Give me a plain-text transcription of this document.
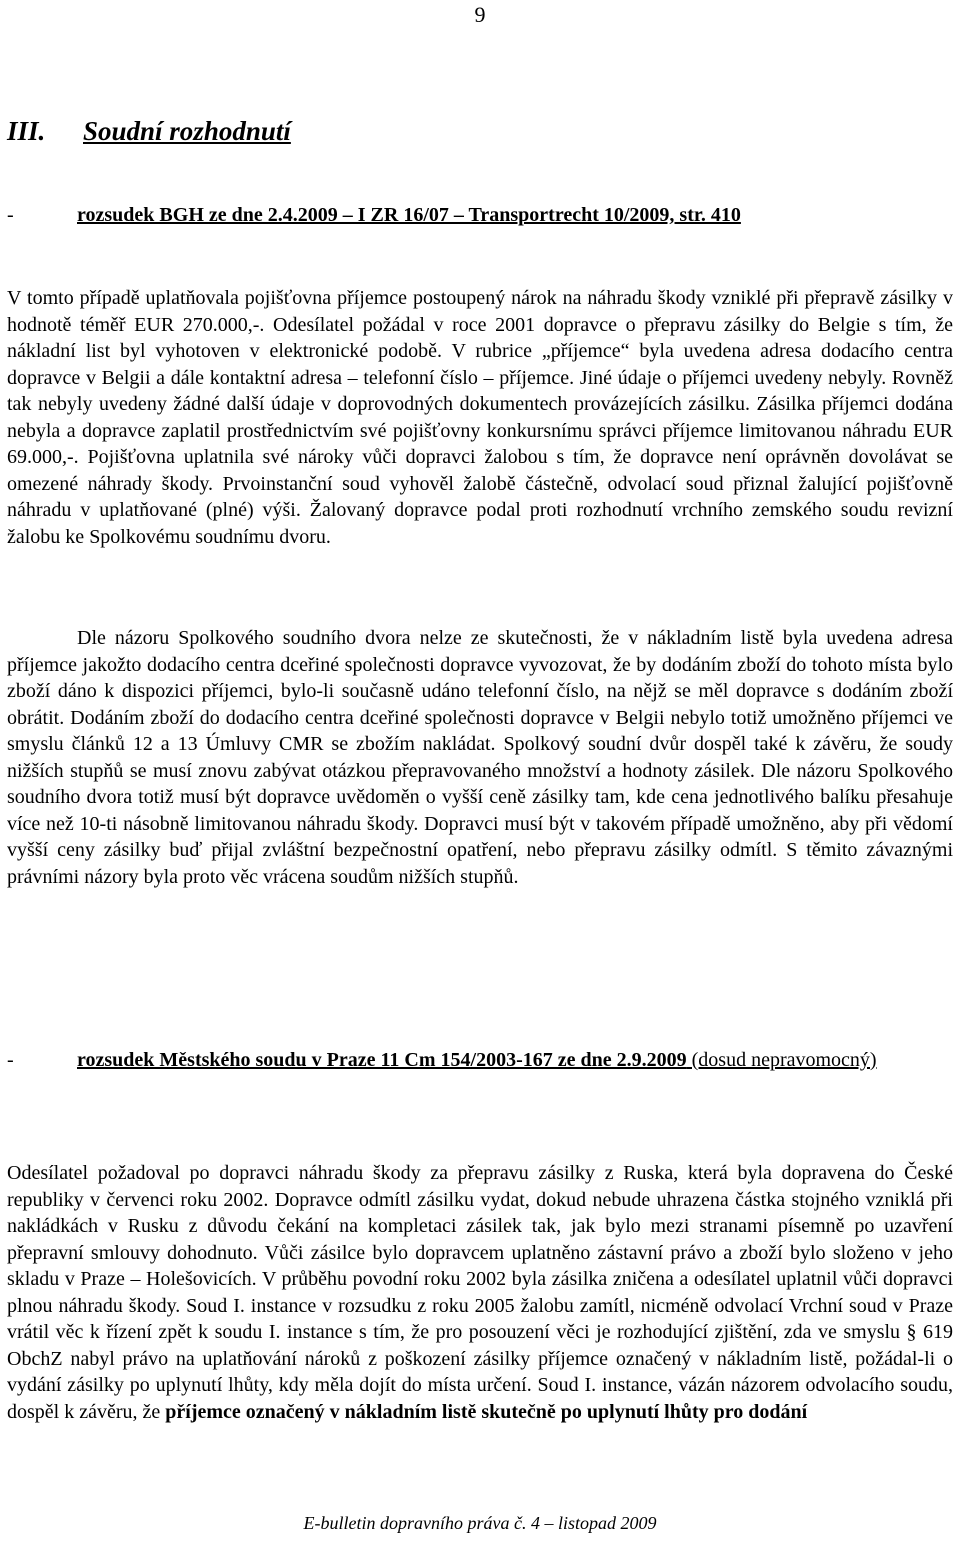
9
III. Soudní rozhodnutí
-	rozsudek BGH ze dne 2.4.2009 – I ZR 16/07 – Transportrecht 10/2009, str. 410

V tomto případě uplatňovala pojišťovna příjemce postoupený nárok na náhradu škody vzniklé při přepravě zásilky v hodnotě téměř EUR 270.000,-. Odesílatel požádal v roce 2001 dopravce o přepravu zásilky do Belgie s tím, že nákladní list byl vyhotoven v elektronické podobě. V rubrice „příjemce“ byla uvedena adresa dodacího centra dopravce v Belgii a dále kontaktní adresa – telefonní číslo – příjemce. Jiné údaje o příjemci uvedeny nebyly. Rovněž tak nebyly uvedeny žádné další údaje v doprovodných dokumentech provázejících zásilku. Zásilka příjemci dodána nebyla a dopravce zaplatil prostřednictvím své pojišťovny konkursnímu správci příjemce limitovanou náhradu EUR 69.000,-. Pojišťovna uplatnila své nároky vůči dopravci žalobou s tím, že dopravce není oprávněn dovolávat se omezené náhrady škody. Prvoinstanční soud vyhověl žalobě částečně, odvolací soud přiznal žalující pojišťovně náhradu v uplatňované (plné) výši. Žalovaný dopravce podal proti rozhodnutí vrchního zemského soudu revizní žalobu ke Spolkovému soudnímu dvoru.

Dle názoru Spolkového soudního dvora nelze ze skutečnosti, že v nákladním listě byla uvedena adresa příjemce jakožto dodacího centra dceřiné společnosti dopravce vyvozovat, že by dodáním zboží do tohoto místa bylo zboží dáno k dispozici příjemci, bylo-li současně udáno telefonní číslo, na nějž se měl dopravce s dodáním zboží obrátit. Dodáním zboží do dodacího centra dceřiné společnosti dopravce v Belgii nebylo totiž umožněno příjemci ve smyslu článků 12 a 13 Úmluvy CMR se zbožím nakládat. Spolkový soudní dvůr dospěl také k závěru, že soudy nižších stupňů se musí znovu zabývat otázkou přepravovaného množství a hodnoty zásilek. Dle názoru Spolkového soudního dvora totiž musí být dopravce uvědoměn o vyšší ceně zásilky tam, kde cena jednotlivého balíku přesahuje více než 10-ti násobně limitovanou náhradu škody. Dopravci musí být v takovém případě umožněno, aby při vědomí vyšší ceny zásilky buď přijal zvláštní bezpečnostní opatření, nebo přepravu zásilky odmítl. S těmito závaznými právními názory byla proto věc vrácena soudům nižších stupňů.

-	rozsudek Městského soudu v Praze 11 Cm 154/2003-167 ze dne 2.9.2009 (dosud nepravomocný)

Odesílatel požadoval po dopravci náhradu škody za přepravu zásilky z Ruska, která byla dopravena do České republiky v červenci roku 2002. Dopravce odmítl zásilku vydat, dokud nebude uhrazena částka stojného vzniklá při nakládkách v Rusku z důvodu čekání na kompletaci zásilek tak, jak bylo mezi stranami písemně po uzavření přepravní smlouvy dohodnuto. Vůči zásilce bylo dopravcem uplatněno zástavní právo a zboží bylo složeno v jeho skladu v Praze – Holešovicích. V průběhu povodní roku 2002 byla zásilka zničena a odesílatel uplatnil vůči dopravci plnou náhradu škody. Soud I. instance v rozsudku z roku 2005 žalobu zamítl, nicméně odvolací Vrchní soud v Praze vrátil věc k řízení zpět k soudu I. instance s tím, že pro posouzení věci je rozhodující zjištění, zda ve smyslu § 619 ObchZ nabyl právo na uplatňování nároků z poškození zásilky příjemce označený v nákladním listě, požádal-li o vydání zásilky po uplynutí lhůty, kdy měla dojít do místa určení. Soud I. instance, vázán názorem odvolacího soudu, dospěl k závěru, že příjemce označený v nákladním listě skutečně po uplynutí lhůty pro dodání

E-bulletin dopravního práva č. 4 – listopad 2009
